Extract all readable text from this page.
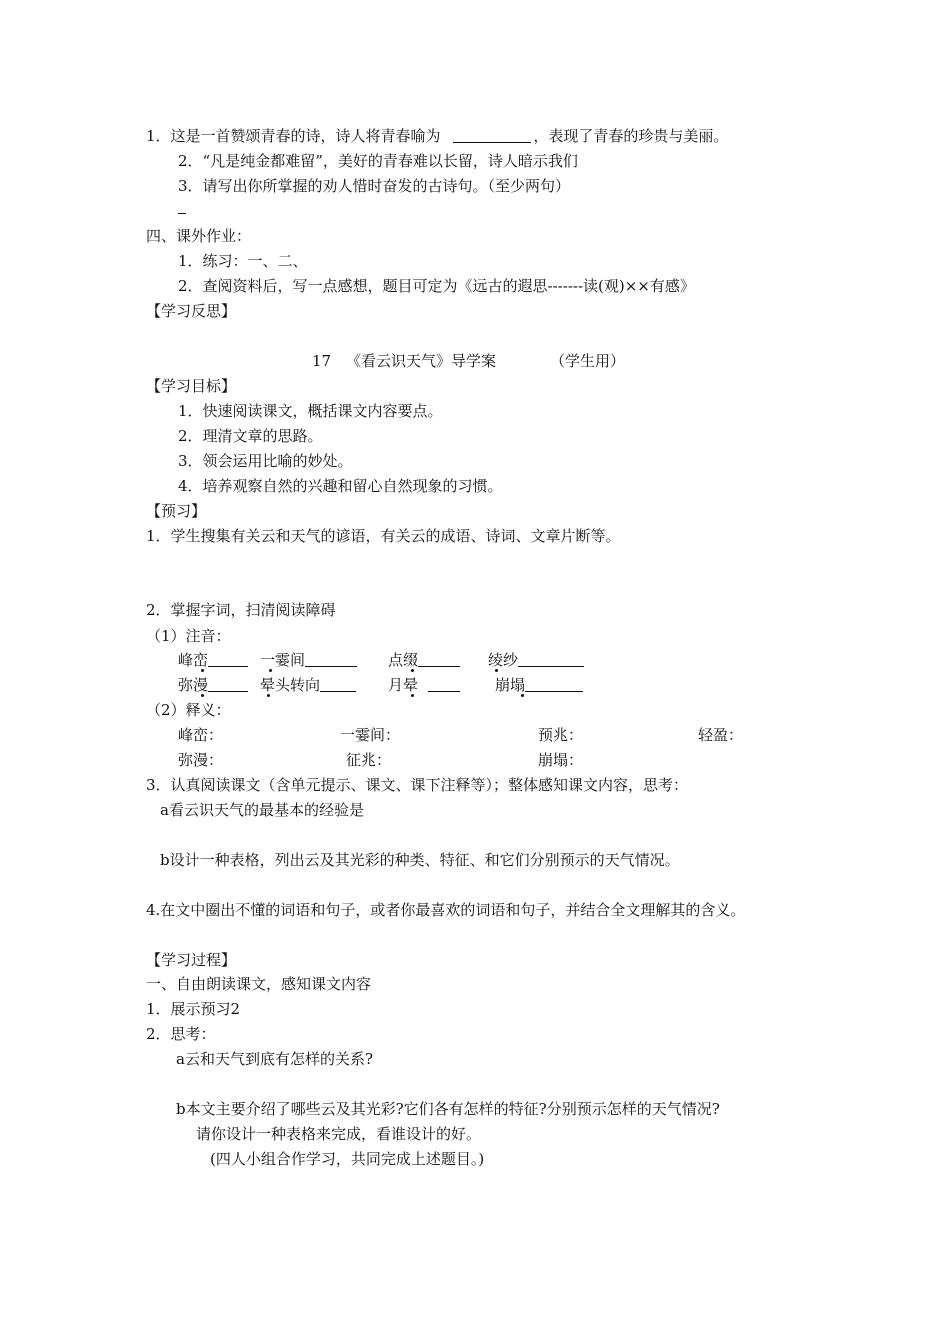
1．这是一首赞颂青春的诗，诗人将青春喻为	，表现了青春的珍贵与美丽。
2．“凡是纯金都难留”，美好的青春难以长留，诗人暗示我们
3．请写出你所掌握的劝人惜时奋发的古诗句。（至少两句）
四、课外作业：
1．练习：一、二、
2．查阅资料后，写一点感想，题目可定为《远古的遐思-------读(观)××有感》
【学习反思】
17 《看云识天气》导学案	（学生用）
【学习目标】
1．快速阅读课文，概括课文内容要点。
2．理清文章的思路。
3．领会运用比喻的妙处。
4．培养观察自然的兴趣和留心自然现象的习惯。
【预习】
1．学生搜集有关云和天气的谚语，有关云的成语、诗词、文章片断等。
2．掌握字词，扫清阅读障碍
（1）注音：
峰峦	一霎间	点缀	绫纱
弥漫	晕头转向	月晕	崩塌
（2）释义：
峰峦：	一霎间：	预兆：	轻盈：
弥漫：	征兆：	崩塌：
3．认真阅读课文（含单元提示、课文、课下注释等）；整体感知课文内容，思考：
a看云识天气的最基本的经验是
b设计一种表格，列出云及其光彩的种类、特征、和它们分别预示的天气情况。
4.在文中圈出不懂的词语和句子，或者你最喜欢的词语和句子，并结合全文理解其的含义。
【学习过程】
一、自由朗读课文，感知课文内容
1．展示预习2
2．思考：
a云和天气到底有怎样的关系?
b本文主要介绍了哪些云及其光彩?它们各有怎样的特征?分别预示怎样的天气情况?
请你设计一种表格来完成，看谁设计的好。
(四人小组合作学习，共同完成上述题目。)
